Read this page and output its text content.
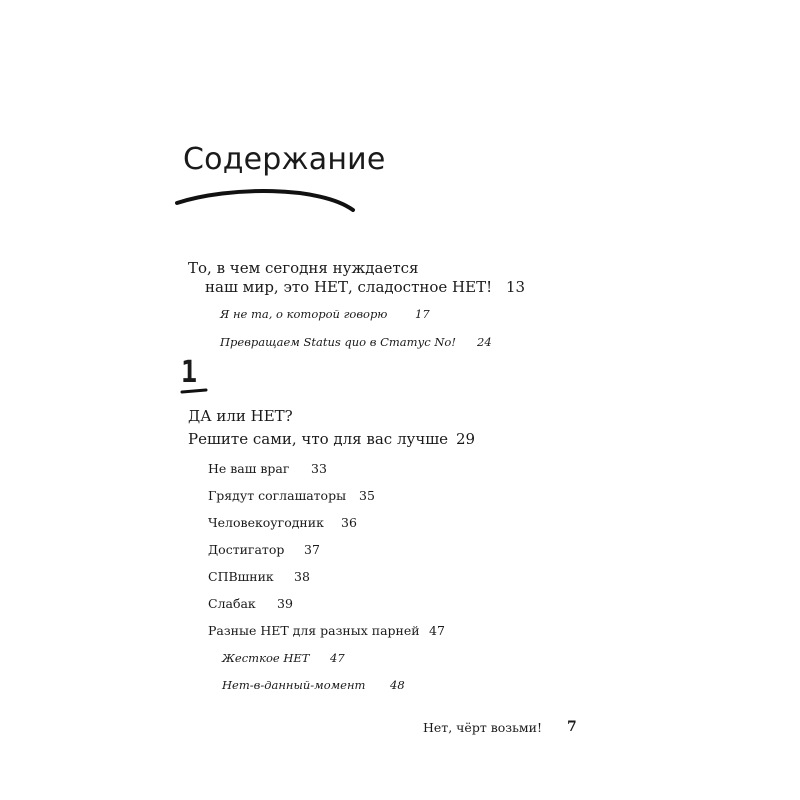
Содержание
То, в чем сегодня нуждается
наш мир, это НЕТ, сладостное НЕТ! 13
Я не та, о которой говорю 17
Превращаем Status quo в Статус No! 24
1
ДА или НЕТ?
Решите сами, что для вас лучше 29
Не ваш враг 33
Грядут соглашаторы 35
Человекоугодник 36
Достигатор 37
СПВшник 38
Слабак 39
Разные НЕТ для разных парней 47
Жесткое НЕТ 47
Нет-в-данный-момент 48
Нет, чёрт возьми! 7
